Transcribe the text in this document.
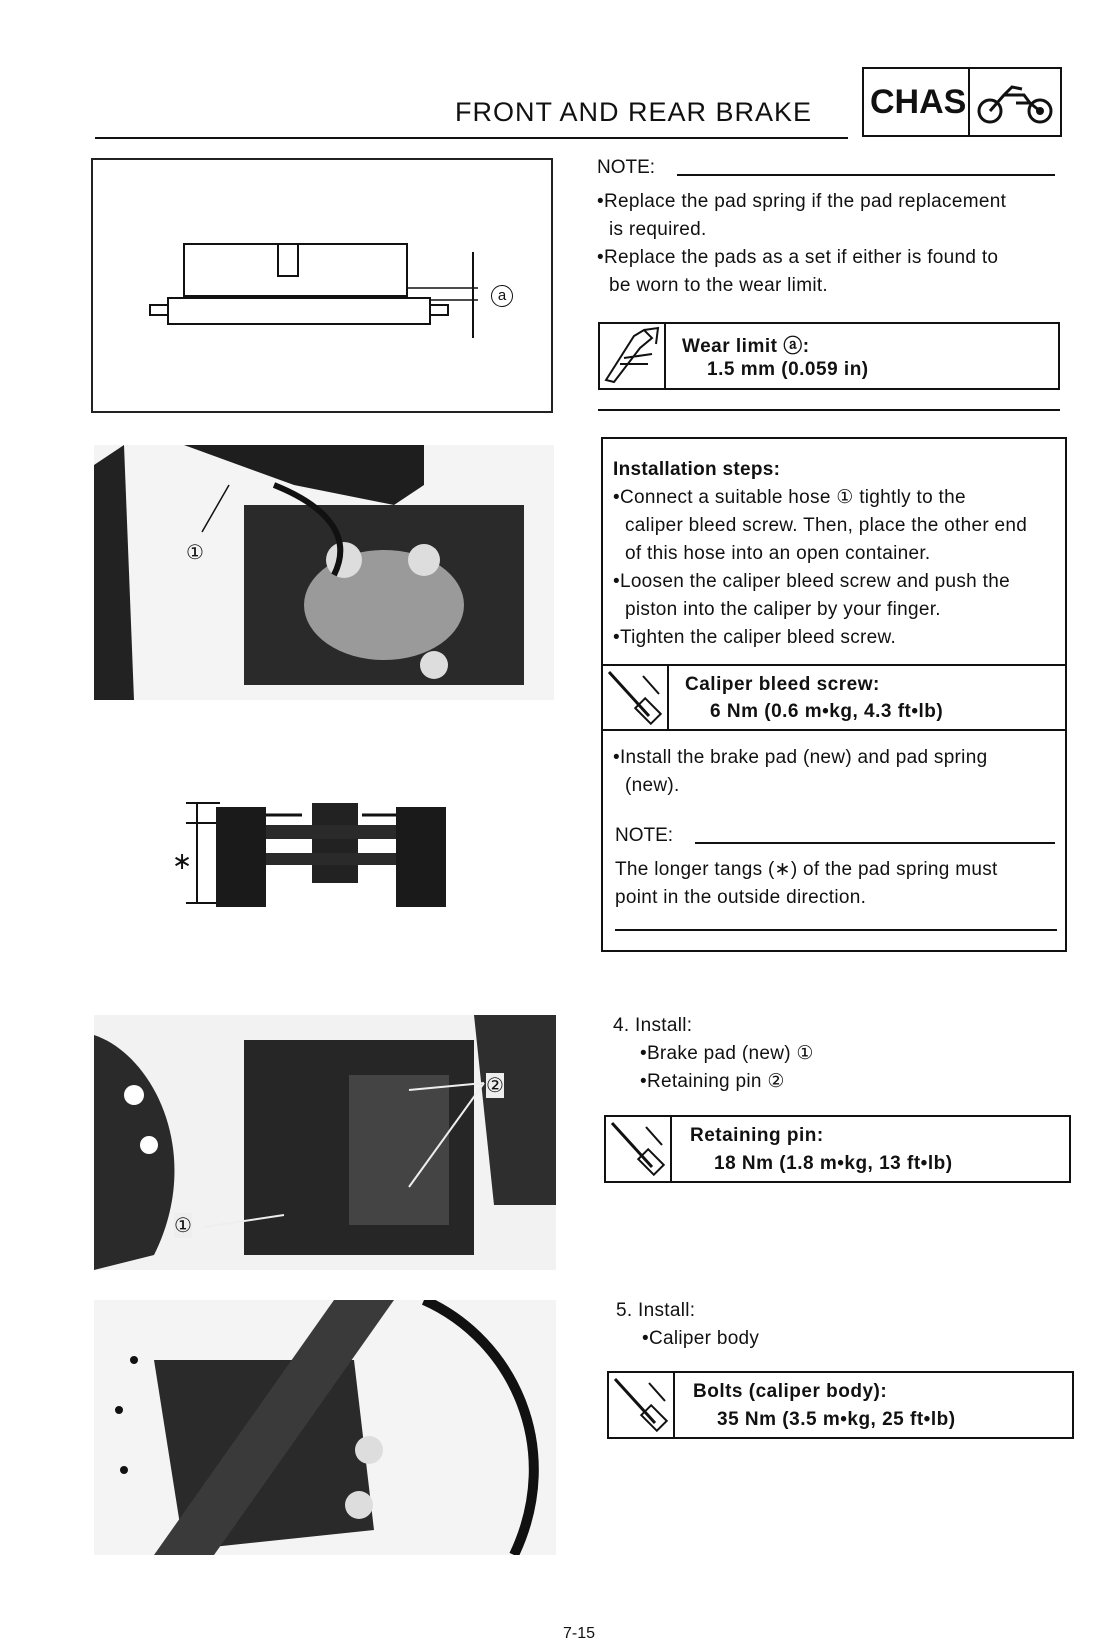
FRONT AND REAR BRAKE CHAS
a
NOTE:
•Replace the pad spring if the pad replacement
is required.
•Replace the pads as a set if either is found to
be worn to the wear limit.
Wear limit ⓐ:
1.5 mm (0.059 in)
①
Installation steps:
•Connect a suitable hose ① tightly to the
caliper bleed screw. Then, place the other end
of this hose into an open container.
•Loosen the caliper bleed screw and push the
piston into the caliper by your finger.
•Tighten the caliper bleed screw.
Caliper bleed screw:
6 Nm (0.6 m•kg, 4.3 ft•lb)
•Install the brake pad (new) and pad spring
(new).
NOTE:
The longer tangs (∗) of the pad spring must
point in the outside direction.
∗
①
②
4. Install:
•Brake pad (new) ①
•Retaining pin ②
Retaining pin:
18 Nm (1.8 m•kg, 13 ft•lb)
5. Install:
•Caliper body
Bolts (caliper body):
35 Nm (3.5 m•kg, 25 ft•lb)
7-15
